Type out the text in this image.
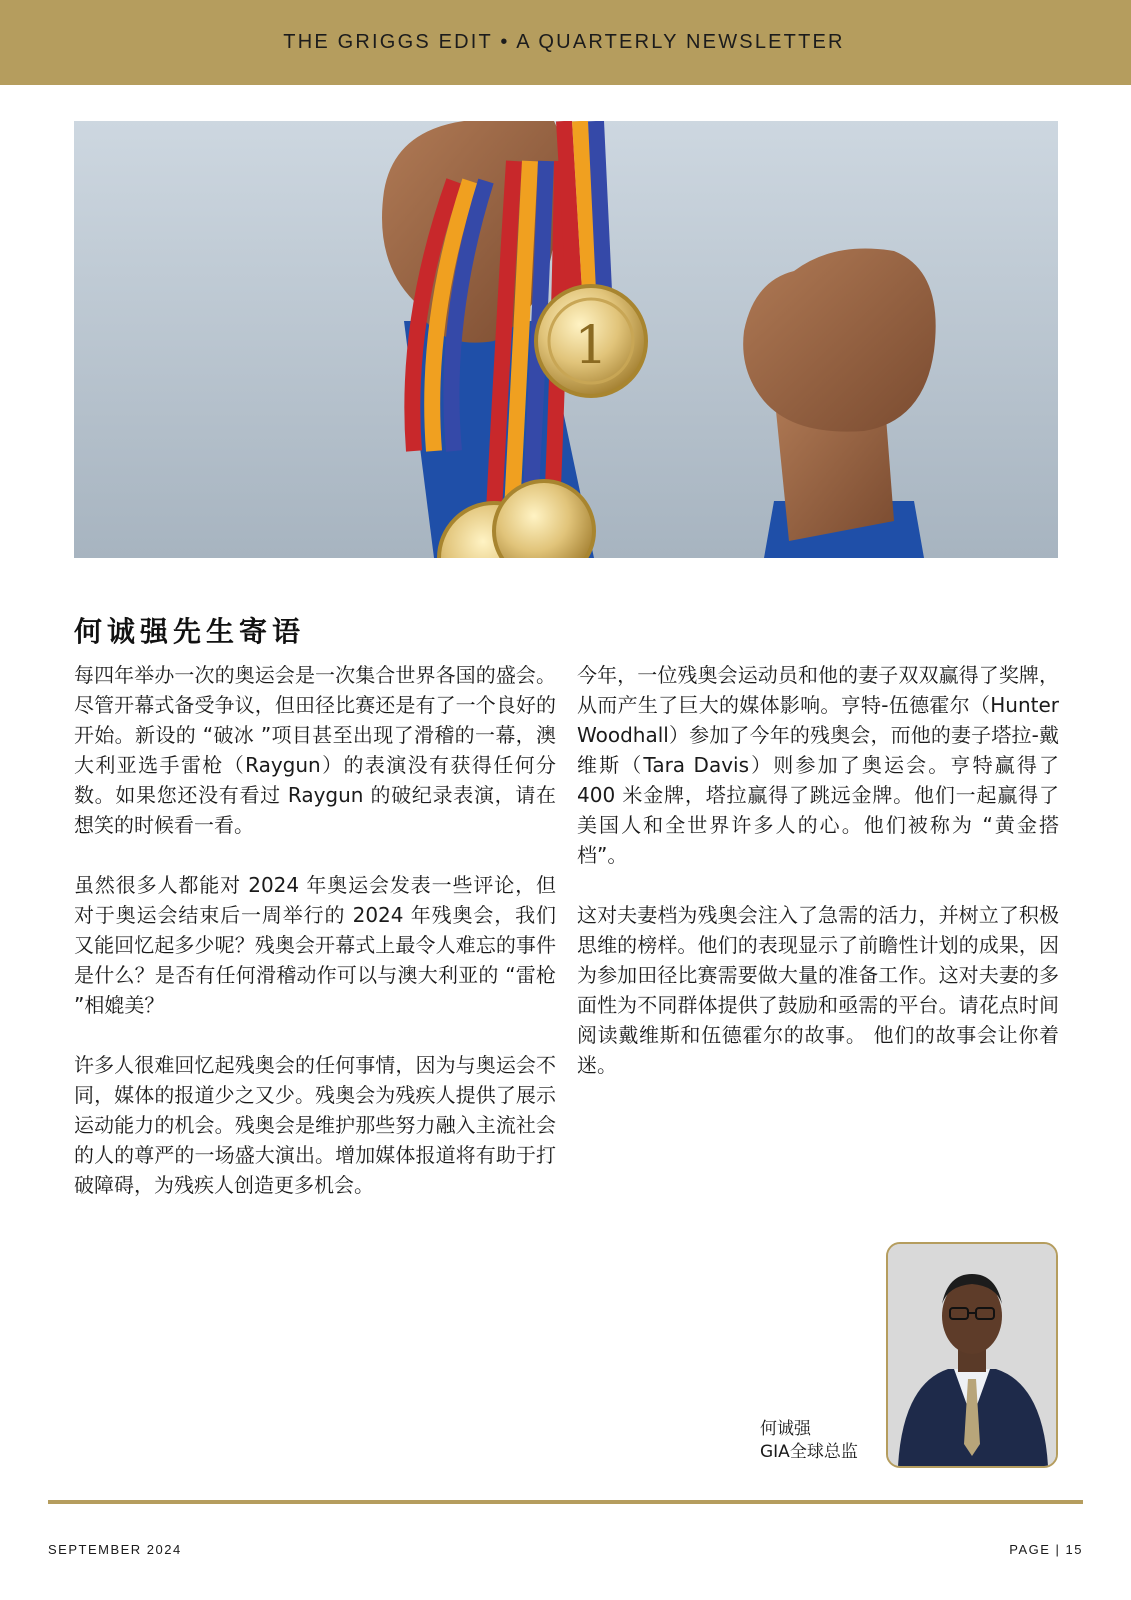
THE GRIGGS EDIT • A QUARTERLY NEWSLETTER
1
何诚强先生寄语

每四年举办一次的奥运会是一次集合世界各国的盛会。尽管开幕式备受争议，但田径比赛还是有了一个良好的开始。新设的 “破冰 ”项目甚至出现了滑稽的一幕，澳大利亚选手雷枪（Raygun）的表演没有获得任何分数。如果您还没有看过 Raygun 的破纪录表演，请在想笑的时候看一看。

虽然很多人都能对 2024 年奥运会发表一些评论，但对于奥运会结束后一周举行的 2024 年残奥会，我们又能回忆起多少呢？残奥会开幕式上最令人难忘的事件是什么？是否有任何滑稽动作可以与澳大利亚的 “雷枪 ”相媲美？

许多人很难回忆起残奥会的任何事情，因为与奥运会不同，媒体的报道少之又少。残奥会为残疾人提供了展示运动能力的机会。残奥会是维护那些努力融入主流社会的人的尊严的一场盛大演出。增加媒体报道将有助于打破障碍，为残疾人创造更多机会。

今年，一位残奥会运动员和他的妻子双双赢得了奖牌，从而产生了巨大的媒体影响。亨特-伍德霍尔（Hunter Woodhall）参加了今年的残奥会，而他的妻子塔拉-戴维斯（Tara Davis）则参加了奥运会。亨特赢得了 400 米金牌，塔拉赢得了跳远金牌。他们一起赢得了美国人和全世界许多人的心。他们被称为 “黄金搭档”。

这对夫妻档为残奥会注入了急需的活力，并树立了积极思维的榜样。他们的表现显示了前瞻性计划的成果，因为参加田径比赛需要做大量的准备工作。这对夫妻的多面性为不同群体提供了鼓励和亟需的平台。请花点时间阅读戴维斯和伍德霍尔的故事。 他们的故事会让你着迷。

何诚强
GIA全球总监
SEPTEMBER 2024	PAGE | 15
